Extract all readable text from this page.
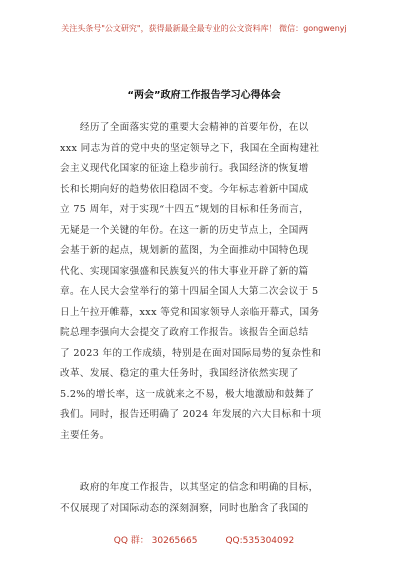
关注头条号"公文研究"，获得最新最全最专业的公文资料库！ 微信：gongwenyj
“两会”政府工作报告学习心得体会
　　经历了全面落实党的重要大会精神的首要年份，在以
xxx 同志为首的党中央的坚定领导之下，我国在全面构建社
会主义现代化国家的征途上稳步前行。我国经济的恢复增
长和长期向好的趋势依旧稳固不变。今年标志着新中国成
立 75 周年，对于实现“十四五”规划的目标和任务而言，
无疑是一个关键的年份。在这一新的历史节点上，全国两
会基于新的起点，规划新的蓝图，为全面推动中国特色现
代化、实现国家强盛和民族复兴的伟大事业开辟了新的篇
章。在人民大会堂举行的第十四届全国人大第二次会议于 5
日上午拉开帷幕，xxx 等党和国家领导人亲临开幕式，国务
院总理李强向大会提交了政府工作报告。该报告全面总结
了 2023 年的工作成绩，特别是在面对国际局势的复杂性和
改革、发展、稳定的重大任务时，我国经济依然实现了
5.2%的增长率，这一成就来之不易，极大地激励和鼓舞了
我们。同时，报告还明确了 2024 年发展的六大目标和十项
主要任务。
　　政府的年度工作报告，以其坚定的信念和明确的目标，
不仅展现了对国际动态的深刻洞察，同时也胎含了我国的
QQ 群： 30265665	QQ:535304092
